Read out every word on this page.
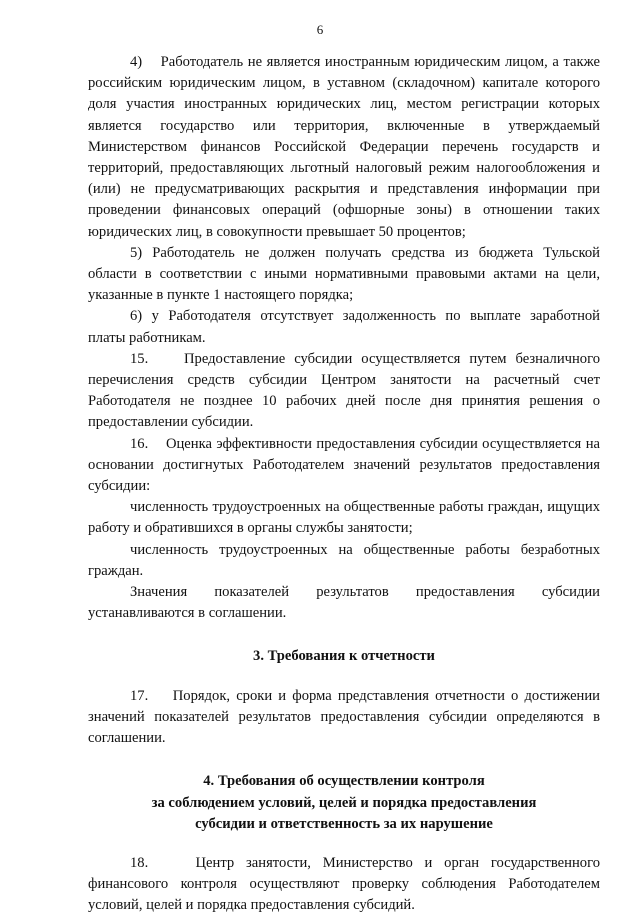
6

4)    Работодатель не является иностранным юридическим лицом, а также российским юридическим лицом, в уставном (складочном) капитале которого доля участия иностранных юридических лиц, местом регистрации которых является государство или территория, включенные в утверждаемый Министерством финансов Российской Федерации перечень государств и территорий, предоставляющих льготный налоговый режим налогообложения и (или) не предусматривающих раскрытия и представления информации при проведении финансовых операций (офшорные зоны) в отношении таких юридических лиц, в совокупности превышает 50 процентов;

5) Работодатель не должен получать средства из бюджета Тульской области в соответствии с иными нормативными правовыми актами на цели, указанные в пункте 1 настоящего порядка;

6) у Работодателя отсутствует задолженность по выплате заработной платы работникам.

15.    Предоставление субсидии осуществляется путем безналичного перечисления средств субсидии Центром занятости на расчетный счет Работодателя не позднее 10 рабочих дней после дня принятия решения о предоставлении субсидии.

16.    Оценка эффективности предоставления субсидии осуществляется на основании достигнутых Работодателем значений результатов предоставления субсидии:

численность трудоустроенных на общественные работы граждан, ищущих работу и обратившихся в органы службы занятости;

численность трудоустроенных на общественные работы безработных граждан.

Значения показателей результатов предоставления субсидии устанавливаются в соглашении.

3. Требования к отчетности

17.    Порядок, сроки и форма представления отчетности о достижении значений показателей результатов предоставления субсидии определяются в соглашении.

4. Требования об осуществлении контроля

за соблюдением условий, целей и порядка предоставления

субсидии и ответственность за их нарушение

18.    Центр занятости, Министерство и орган государственного финансового контроля осуществляют проверку соблюдения Работодателем условий, целей и порядка предоставления субсидий.
